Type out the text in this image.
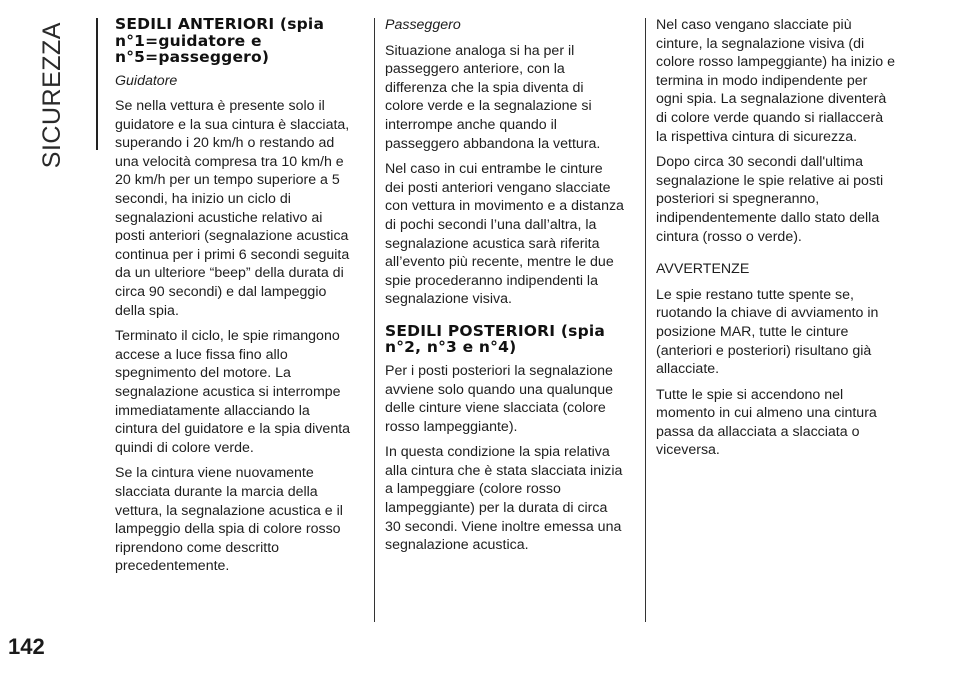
SICUREZZA
142
SEDILI ANTERIORI (spia n°1=guidatore e n°5=passeggero)

Guidatore

Se nella vettura è presente solo il guidatore e la sua cintura è slacciata, superando i 20 km/h o restando ad una velocità compresa tra 10 km/h e 20 km/h per un tempo superiore a 5 secondi, ha inizio un ciclo di segnalazioni acustiche relativo ai posti anteriori (segnalazione acustica continua per i primi 6 secondi seguita da un ulteriore “beep” della durata di circa 90 secondi) e dal lampeggio della spia.

Terminato il ciclo, le spie rimangono accese a luce fissa fino allo spegnimento del motore. La segnalazione acustica si interrompe immediatamente allacciando la cintura del guidatore e la spia diventa quindi di colore verde.

Se la cintura viene nuovamente slacciata durante la marcia della vettura, la segnalazione acustica e il lampeggio della spia di colore rosso riprendono come descritto precedentemente.

Passeggero

Situazione analoga si ha per il passeggero anteriore, con la differenza che la spia diventa di colore verde e la segnalazione si interrompe anche quando il passeggero abbandona la vettura.

Nel caso in cui entrambe le cinture dei posti anteriori vengano slacciate con vettura in movimento e a distanza di pochi secondi l’una dall’altra, la segnalazione acustica sarà riferita all’evento più recente, mentre le due spie procederanno indipendenti la segnalazione visiva.

SEDILI POSTERIORI (spia n°2, n°3 e n°4)

Per i posti posteriori la segnalazione avviene solo quando una qualunque delle cinture viene slacciata (colore rosso lampeggiante).

In questa condizione la spia relativa alla cintura che è stata slacciata inizia a lampeggiare (colore rosso lampeggiante) per la durata di circa 30 secondi. Viene inoltre emessa una segnalazione acustica.

Nel caso vengano slacciate più cinture, la segnalazione visiva (di colore rosso lampeggiante) ha inizio e termina in modo indipendente per ogni spia. La segnalazione diventerà di colore verde quando si riallaccerà la rispettiva cintura di sicurezza.

Dopo circa 30 secondi dall'ultima segnalazione le spie relative ai posti posteriori si spegneranno, indipendentemente dallo stato della cintura (rosso o verde).

AVVERTENZE

Le spie restano tutte spente se, ruotando la chiave di avviamento in posizione MAR, tutte le cinture (anteriori e posteriori) risultano già allacciate.

Tutte le spie si accendono nel momento in cui almeno una cintura passa da allacciata a slacciata o viceversa.
